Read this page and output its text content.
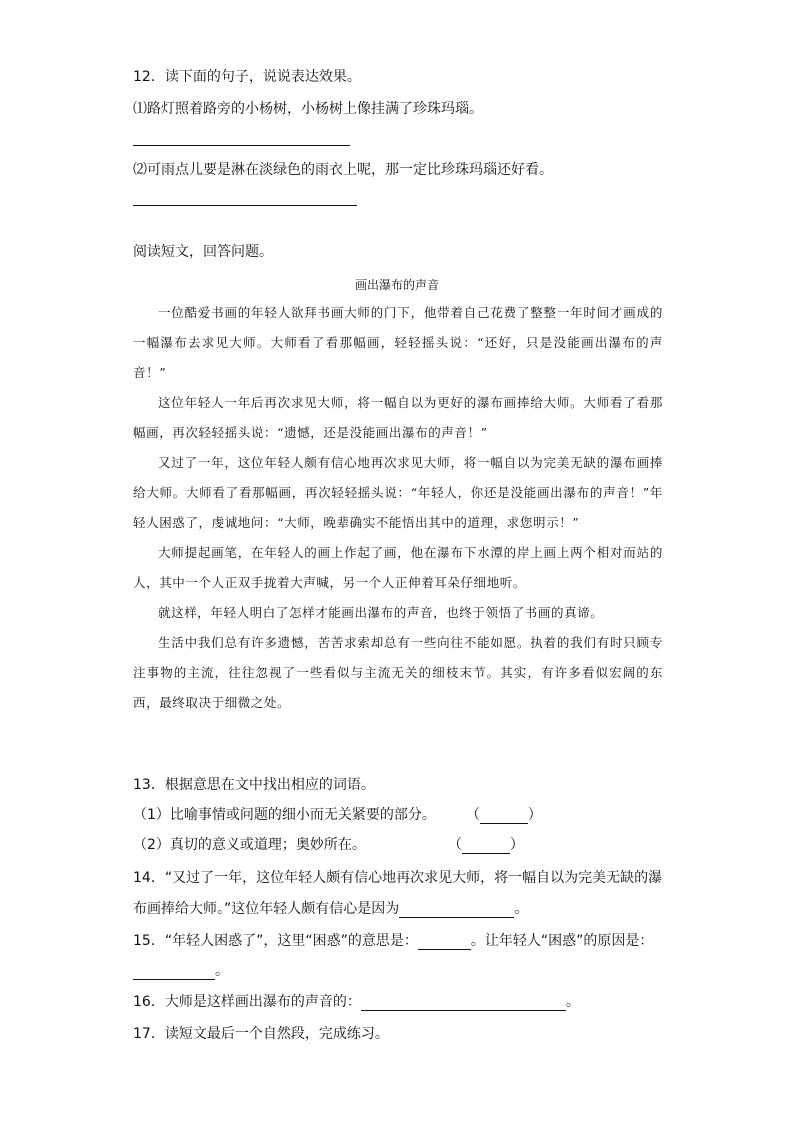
12．读下面的句子，说说表达效果。
⑴路灯照着路旁的小杨树，小杨树上像挂满了珍珠玛瑙。
⑵可雨点儿要是淋在淡绿色的雨衣上呢，那一定比珍珠玛瑙还好看。
阅读短文，回答问题。
画出瀑布的声音

一位酷爱书画的年轻人欲拜书画大师的门下，他带着自己花费了整整一年时间才画成的一幅瀑布去求见大师。大师看了看那幅画，轻轻摇头说：“还好，只是没能画出瀑布的声音！”

这位年轻人一年后再次求见大师，将一幅自以为更好的瀑布画捧给大师。大师看了看那幅画，再次轻轻摇头说：“遗憾，还是没能画出瀑布的声音！”

又过了一年，这位年轻人颇有信心地再次求见大师，将一幅自以为完美无缺的瀑布画捧给大师。大师看了看那幅画，再次轻轻摇头说：“年轻人，你还是没能画出瀑布的声音！”年轻人困惑了，虔诚地问：“大师，晚辈确实不能悟出其中的道理，求您明示！”

大师提起画笔，在年轻人的画上作起了画，他在瀑布下水潭的岸上画上两个相对而站的人，其中一个人正双手拢着大声喊，另一个人正伸着耳朵仔细地听。

就这样，年轻人明白了怎样才能画出瀑布的声音，也终于领悟了书画的真谛。

生活中我们总有许多遗憾，苦苦求索却总有一些向往不能如愿。执着的我们有时只顾专注事物的主流，往往忽视了一些看似与主流无关的细枝末节。其实，有许多看似宏阔的东西，最终取决于细微之处。

13．根据意思在文中找出相应的词语。
（1）比喻事情或问题的细小而无关紧要的部分。 （	）
（2）真切的意义或道理；奥妙所在。	（	）
14．“又过了一年，这位年轻人颇有信心地再次求见大师，将一幅自以为完美无缺的瀑
布画捧给大师。”这位年轻人颇有信心是因为	。
15．“年轻人困惑了”，这里“困惑”的意思是：	。让年轻人“困惑”的原因是：
。
16．大师是这样画出瀑布的声音的：	。
17．读短文最后一个自然段，完成练习。
